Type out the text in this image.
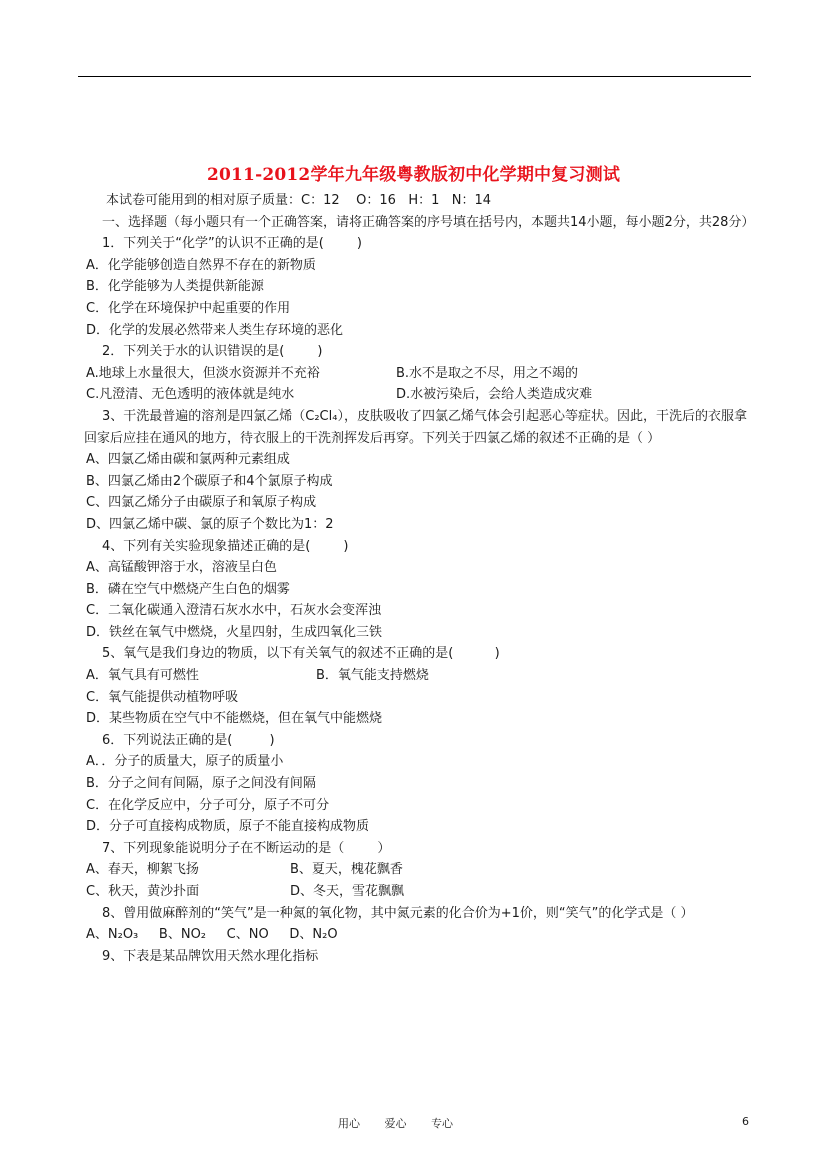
2011-2012学年九年级粤教版初中化学期中复习测试
本试卷可能用到的相对原子质量：C：12    O：16   H：1   N：14
一、选择题（每小题只有一个正确答案，请将正确答案的序号填在括号内，本题共14小题，每小题2分，共28分）
1．下列关于“化学”的认识不正确的是(        )
A．化学能够创造自然界不存在的新物质
B．化学能够为人类提供新能源
C．化学在环境保护中起重要的作用
D．化学的发展必然带来人类生存环境的恶化
2．下列关于水的认识错误的是(        )
A.地球上水量很大，但淡水资源并不充裕	B.水不是取之不尽，用之不竭的
C.凡澄清、无色透明的液体就是纯水	D.水被污染后，会给人类造成灾难
3、干洗最普遍的溶剂是四氯乙烯（C₂Cl₄），皮肤吸收了四氯乙烯气体会引起恶心等症状。因此，干洗后的衣服拿回家后应挂在通风的地方，待衣服上的干洗剂挥发后再穿。下列关于四氯乙烯的叙述不正确的是（ ）
A、四氯乙烯由碳和氯两种元素组成
B、四氯乙烯由2个碳原子和4个氯原子构成
C、四氯乙烯分子由碳原子和氧原子构成
D、四氯乙烯中碳、氯的原子个数比为1：2
4、下列有关实验现象描述正确的是(        )
A、高锰酸钾溶于水，溶液呈白色
B．磷在空气中燃烧产生白色的烟雾
C．二氧化碳通入澄清石灰水水中，石灰水会变浑浊
D．铁丝在氧气中燃烧，火星四射，生成四氧化三铁
5、氧气是我们身边的物质，以下有关氧气的叙述不正确的是(          )
A．氧气具有可燃性	B．氧气能支持燃烧
C．氧气能提供动植物呼吸
D．某些物质在空气中不能燃烧，但在氧气中能燃烧
6．下列说法正确的是(         )
A．．分子的质量大，原子的质量小
B．分子之间有间隔，原子之间没有间隔
C．在化学反应中，分子可分，原子不可分
D．分子可直接构成物质，原子不能直接构成物质
7、下列现象能说明分子在不断运动的是（        ）
A、春天，柳絮飞扬	B、夏天，槐花飘香
C、秋天，黄沙扑面	D、冬天，雪花飘飘
8、曾用做麻醉剂的“笑气”是一种氮的氧化物，其中氮元素的化合价为+1价，则“笑气”的化学式是（ ）
A、N₂O₃     B、NO₂     C、NO     D、N₂O
9、下表是某品牌饮用天然水理化指标
用心       爱心       专心	6
